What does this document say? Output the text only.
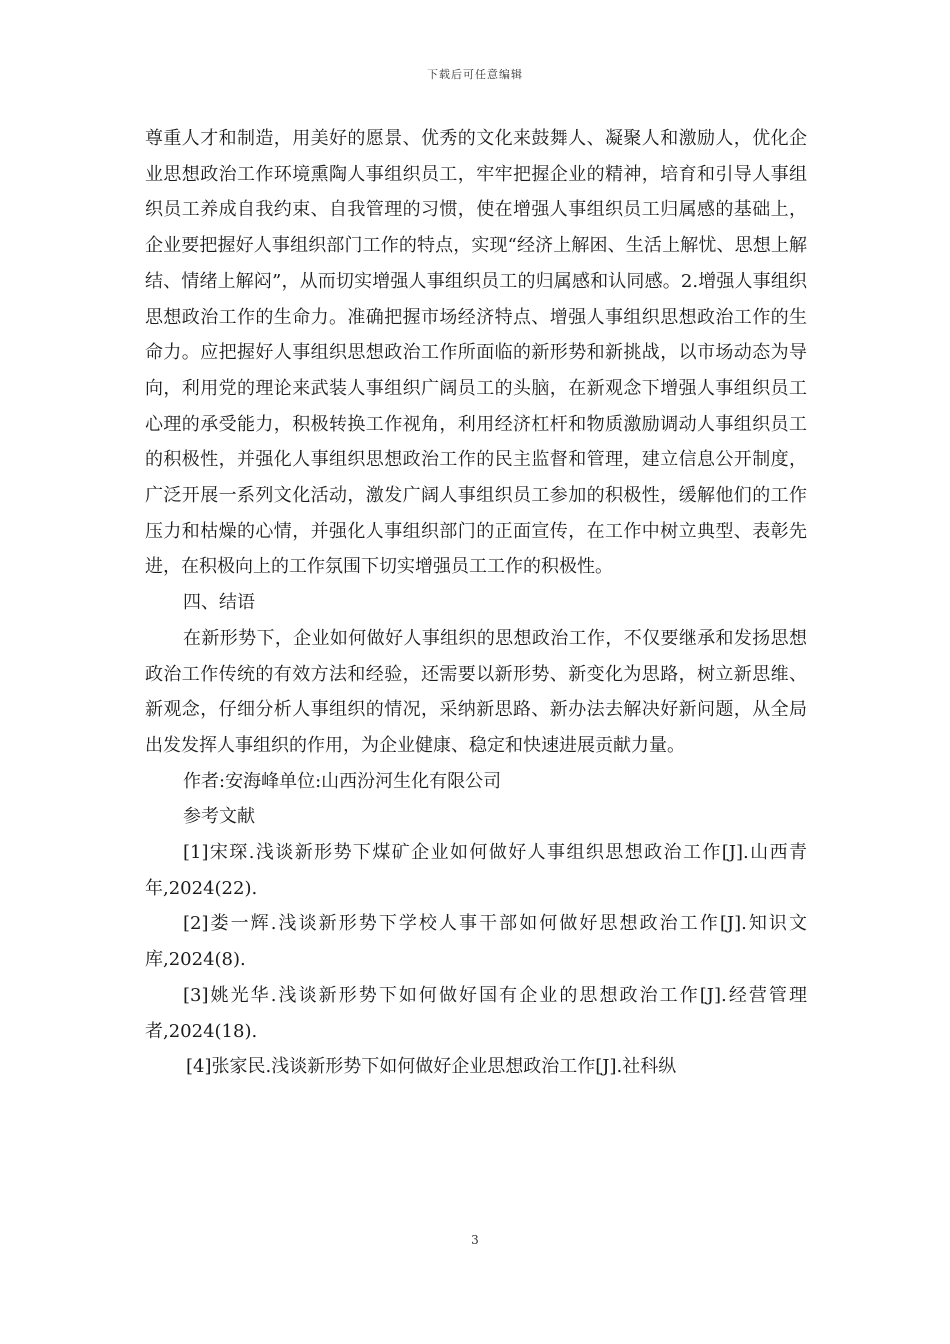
下载后可任意编辑

尊重人才和制造，用美好的愿景、优秀的文化来鼓舞人、凝聚人和激励人，优化企业思想政治工作环境熏陶人事组织员工，牢牢把握企业的精神，培育和引导人事组织员工养成自我约束、自我管理的习惯，使在增强人事组织员工归属感的基础上，企业要把握好人事组织部门工作的特点，实现“经济上解困、生活上解忧、思想上解结、情绪上解闷”，从而切实增强人事组织员工的归属感和认同感。2.增强人事组织思想政治工作的生命力。准确把握市场经济特点、增强人事组织思想政治工作的生命力。应把握好人事组织思想政治工作所面临的新形势和新挑战，以市场动态为导向，利用党的理论来武装人事组织广阔员工的头脑，在新观念下增强人事组织员工心理的承受能力，积极转换工作视角，利用经济杠杆和物质激励调动人事组织员工的积极性，并强化人事组织思想政治工作的民主监督和管理，建立信息公开制度，广泛开展一系列文化活动，激发广阔人事组织员工参加的积极性，缓解他们的工作压力和枯燥的心情，并强化人事组织部门的正面宣传，在工作中树立典型、表彰先进，在积极向上的工作氛围下切实增强员工工作的积极性。

四、结语

在新形势下，企业如何做好人事组织的思想政治工作，不仅要继承和发扬思想政治工作传统的有效方法和经验，还需要以新形势、新变化为思路，树立新思维、新观念，仔细分析人事组织的情况，采纳新思路、新办法去解决好新问题，从全局出发发挥人事组织的作用，为企业健康、稳定和快速进展贡献力量。

作者:安海峰单位:山西汾河生化有限公司

参考文献

[1]宋琛.浅谈新形势下煤矿企业如何做好人事组织思想政治工作[J].山西青年,2024(22).

[2]娄一辉.浅谈新形势下学校人事干部如何做好思想政治工作[J].知识文库,2024(8).

[3]姚光华.浅谈新形势下如何做好国有企业的思想政治工作[J].经营管理者,2024(18).

[4]张家民.浅谈新形势下如何做好企业思想政治工作[J].社科纵

3
